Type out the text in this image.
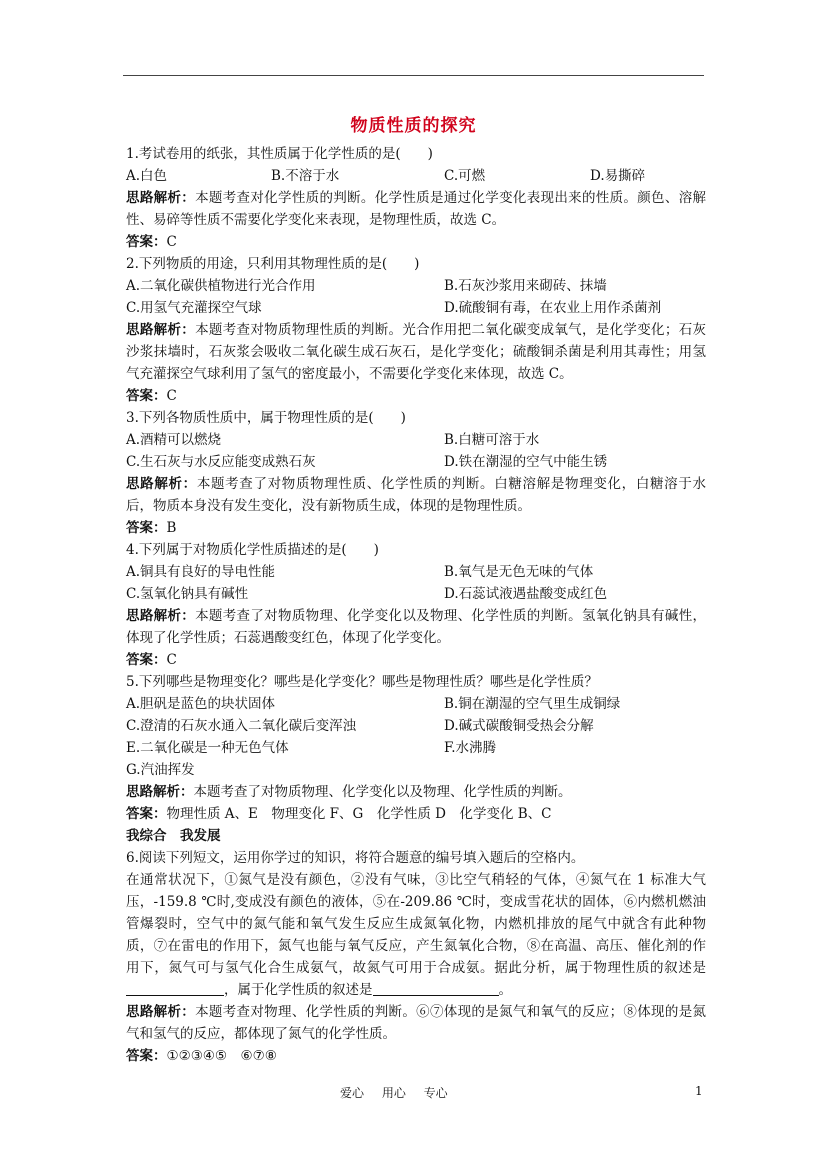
物质性质的探究
1.考试卷用的纸张，其性质属于化学性质的是(　　)
A.白色	B.不溶于水	C.可燃	D.易撕碎
思路解析：本题考查对化学性质的判断。化学性质是通过化学变化表现出来的性质。颜色、溶解性、易碎等性质不需要化学变化来表现，是物理性质，故选 C。
答案：C
2.下列物质的用途，只利用其物理性质的是(　　)
A.二氧化碳供植物进行光合作用	B.石灰沙浆用来砌砖、抹墙
C.用氢气充灌探空气球	D.硫酸铜有毒，在农业上用作杀菌剂
思路解析：本题考查对物质物理性质的判断。光合作用把二氧化碳变成氧气，是化学变化；石灰沙浆抹墙时，石灰浆会吸收二氧化碳生成石灰石，是化学变化；硫酸铜杀菌是利用其毒性；用氢气充灌探空气球利用了氢气的密度最小，不需要化学变化来体现，故选 C。
答案：C
3.下列各物质性质中，属于物理性质的是(　　)
A.酒精可以燃烧	B.白糖可溶于水
C.生石灰与水反应能变成熟石灰	D.铁在潮湿的空气中能生锈
思路解析：本题考查了对物质物理性质、化学性质的判断。白糖溶解是物理变化，白糖溶于水后，物质本身没有发生变化，没有新物质生成，体现的是物理性质。
答案：B
4.下列属于对物质化学性质描述的是(　　)
A.铜具有良好的导电性能	B.氧气是无色无味的气体
C.氢氧化钠具有碱性	D.石蕊试液遇盐酸变成红色
思路解析：本题考查了对物质物理、化学变化以及物理、化学性质的判断。氢氧化钠具有碱性，体现了化学性质；石蕊遇酸变红色，体现了化学变化。
答案：C
5.下列哪些是物理变化？哪些是化学变化？哪些是物理性质？哪些是化学性质？
A.胆矾是蓝色的块状固体	B.铜在潮湿的空气里生成铜绿
C.澄清的石灰水通入二氧化碳后变浑浊	D.碱式碳酸铜受热会分解
E.二氧化碳是一种无色气体	F.水沸腾
G.汽油挥发
思路解析：本题考查了对物质物理、化学变化以及物理、化学性质的判断。
答案：物理性质 A、E　物理变化 F、G　化学性质 D　化学变化 B、C
我综合　我发展
6.阅读下列短文，运用你学过的知识，将符合题意的编号填入题后的空格内。
在通常状况下，①氮气是没有颜色，②没有气味，③比空气稍轻的气体，④氮气在 1 标准大气压，-159.8 ℃时,变成没有颜色的液体，⑤在-209.86 ℃时，变成雪花状的固体，⑥内燃机燃油管爆裂时，空气中的氮气能和氧气发生反应生成氮氧化物，内燃机排放的尾气中就含有此种物质，⑦在雷电的作用下，氮气也能与氧气反应，产生氮氧化合物，⑧在高温、高压、催化剂的作用下，氮气可与氢气化合生成氨气，故氮气可用于合成氨。据此分析，属于物理性质的叙述是，属于化学性质的叙述是	。
思路解析：本题考查对物理、化学性质的判断。⑥⑦体现的是氮气和氧气的反应；⑧体现的是氮气和氢气的反应，都体现了氮气的化学性质。
答案：①②③④⑤　⑥⑦⑧
爱心 用心 专心	1
